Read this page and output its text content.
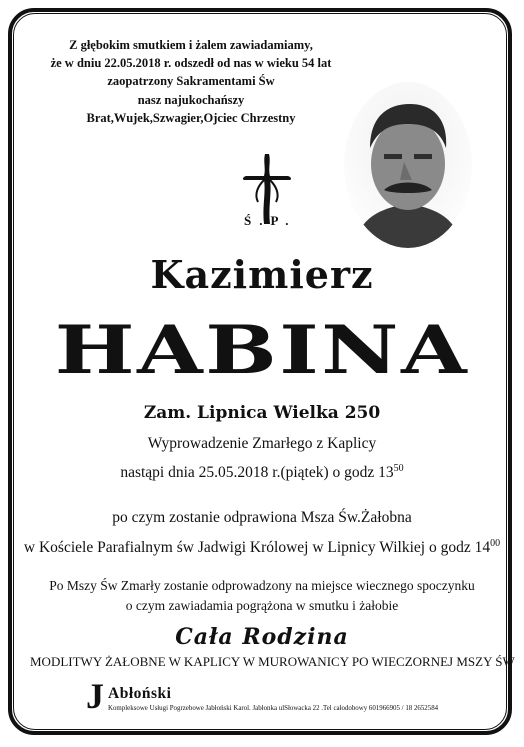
Z głębokim smutkiem i żalem zawiadamiamy,
że w dniu 22.05.2018 r. odszedł od nas w wieku 54 lat
zaopatrzony Sakramentami Św
nasz najukochańszy
Brat,Wujek,Szwagier,Ojciec Chrzestny
Ś.P.
Kazimierz
HABINA
Zam. Lipnica Wielka 250
Wyprowadzenie Zmarłego z Kaplicy
nastąpi dnia 25.05.2018 r.(piątek) o godz $13^{50}$
po czym zostanie odprawiona Msza Św.Żałobna
w Kościele Parafialnym św Jadwigi Królowej w Lipnicy Wilkiej o godz $14^{00}$
Po Mszy Św Zmarły zostanie odprowadzony na miejsce wiecznego spoczynku
o czym zawiadamia pogrążona w smutku i żałobie
Cała Rodzina
MODLITWY ŻAŁOBNE W KAPLICY W MUROWANICY PO WIECZORNEJ MSZY ŚW
J Abłoński
Kompleksowe Usługi Pogrzebowe Jabłoński Karol. Jabłonka ulSłowacka 22 .Tel całodobowy 601966905 / 18 2652584
